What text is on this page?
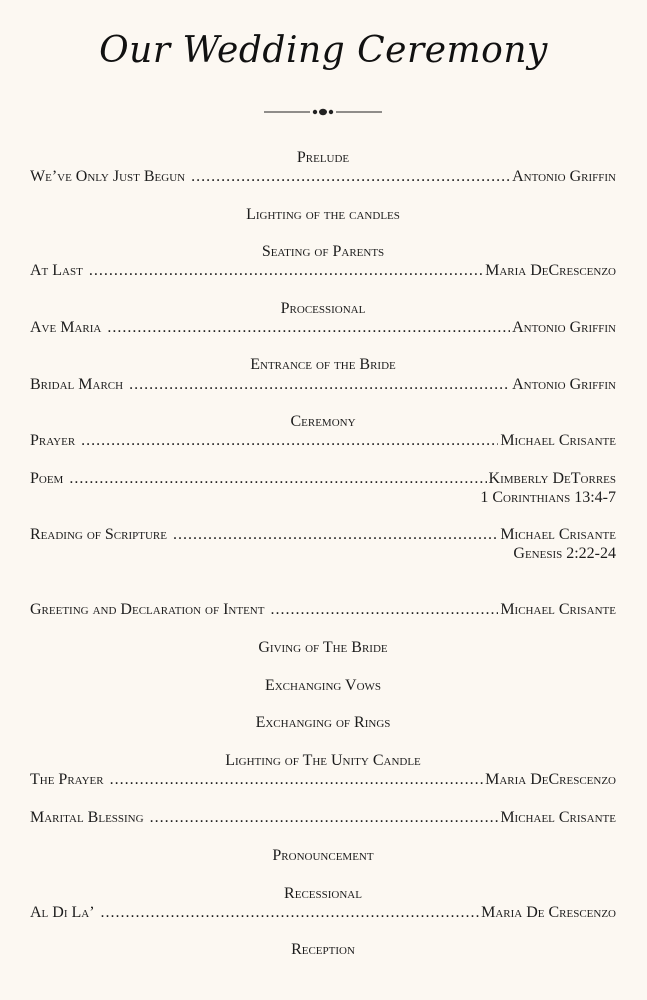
Our Wedding Ceremony
Prelude
We’ve Only Just Begun .....	Antonio Griffin
Lighting of the candles
Seating of Parents
At Last .....	Maria DeCrescenzo
Processional
Ave Maria .....	Antonio Griffin
Entrance of the Bride
Bridal March .....	Antonio Griffin
Ceremony
Prayer .....	Michael Crisante
Poem .....	Kimberly DeTorres
1 Corinthians 13:4-7
Reading of Scripture .....	Michael Crisante
Genesis 2:22-24
Greeting and Declaration of Intent .....	Michael Crisante
Giving of The Bride
Exchanging Vows
Exchanging of Rings
Lighting of The Unity Candle
The Prayer .....	Maria DeCrescenzo
Marital Blessing .....	Michael Crisante
Pronouncement
Recessional
Al Di La’ .....	Maria De Crescenzo
Reception
